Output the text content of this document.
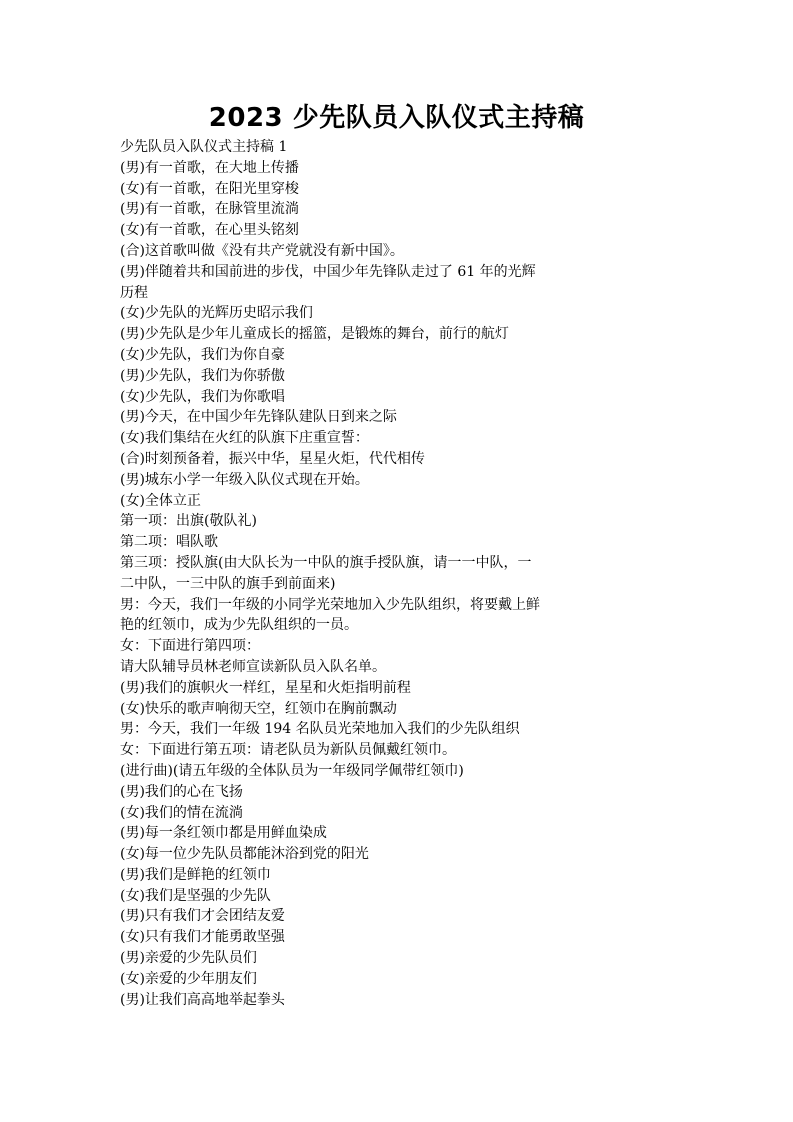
2023 少先队员入队仪式主持稿
少先队员入队仪式主持稿 1
(男)有一首歌，在大地上传播
(女)有一首歌，在阳光里穿梭
(男)有一首歌，在脉管里流淌
(女)有一首歌，在心里头铭刻
(合)这首歌叫做《没有共产党就没有新中国》。
(男)伴随着共和国前进的步伐，中国少年先锋队走过了 61 年的光辉
历程
(女)少先队的光辉历史昭示我们
(男)少先队是少年儿童成长的摇篮，是锻炼的舞台，前行的航灯
(女)少先队，我们为你自豪
(男)少先队，我们为你骄傲
(女)少先队，我们为你歌唱
(男)今天，在中国少年先锋队建队日到来之际
(女)我们集结在火红的队旗下庄重宣誓：
(合)时刻预备着，振兴中华，星星火炬，代代相传
(男)城东小学一年级入队仪式现在开始。
(女)全体立正
第一项：出旗(敬队礼)
第二项：唱队歌
第三项：授队旗(由大队长为一中队的旗手授队旗，请一一中队，一
二中队，一三中队的旗手到前面来)
男：今天，我们一年级的小同学光荣地加入少先队组织，将要戴上鲜
艳的红领巾，成为少先队组织的一员。
女：下面进行第四项：
请大队辅导员林老师宣读新队员入队名单。
(男)我们的旗帜火一样红，星星和火炬指明前程
(女)快乐的歌声响彻天空，红领巾在胸前飘动
男：今天，我们一年级 194 名队员光荣地加入我们的少先队组织
女：下面进行第五项：请老队员为新队员佩戴红领巾。
(进行曲)(请五年级的全体队员为一年级同学佩带红领巾)
(男)我们的心在飞扬
(女)我们的情在流淌
(男)每一条红领巾都是用鲜血染成
(女)每一位少先队员都能沐浴到党的阳光
(男)我们是鲜艳的红领巾
(女)我们是坚强的少先队
(男)只有我们才会团结友爱
(女)只有我们才能勇敢坚强
(男)亲爱的少先队员们
(女)亲爱的少年朋友们
(男)让我们高高地举起拳头
